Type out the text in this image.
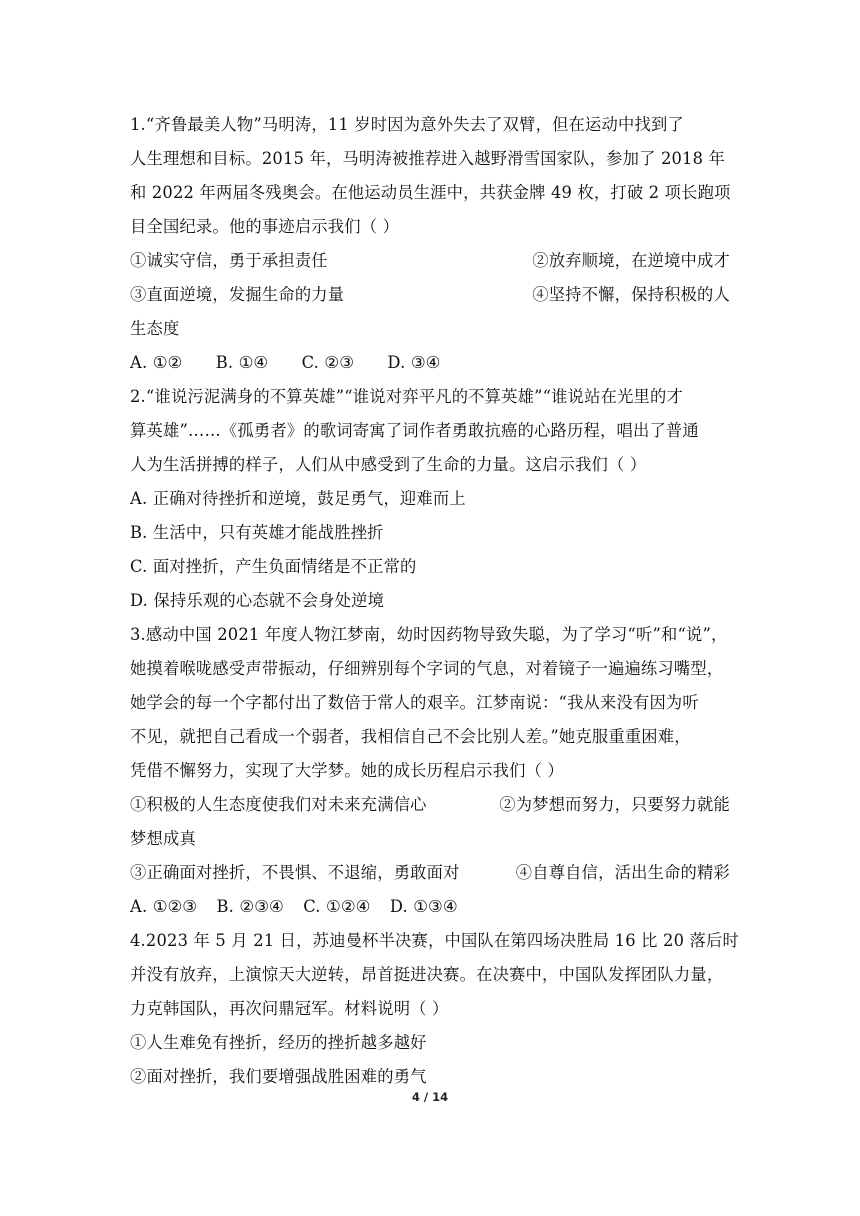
1.“齐鲁最美人物”马明涛，11 岁时因为意外失去了双臂，但在运动中找到了
人生理想和目标。2015 年，马明涛被推荐进入越野滑雪国家队，参加了 2018 年
和 2022 年两届冬残奥会。在他运动员生涯中，共获金牌 49 枚，打破 2 项长跑项
目全国纪录。他的事迹启示我们（ ）
①诚实守信，勇于承担责任	②放弃顺境，在逆境中成才
③直面逆境，发掘生命的力量	④坚持不懈，保持积极的人
生态度
A. ①② B. ①④ C. ②③ D. ③④
2.“谁说污泥满身的不算英雄”“谁说对弈平凡的不算英雄”“谁说站在光里的才
算英雄”……《孤勇者》的歌词寄寓了词作者勇敢抗癌的心路历程，唱出了普通
人为生活拼搏的样子，人们从中感受到了生命的力量。这启示我们（ ）
A. 正确对待挫折和逆境，鼓足勇气，迎难而上
B. 生活中，只有英雄才能战胜挫折
C. 面对挫折，产生负面情绪是不正常的
D. 保持乐观的心态就不会身处逆境
3.感动中国 2021 年度人物江梦南，幼时因药物导致失聪，为了学习“听”和“说”，
她摸着喉咙感受声带振动，仔细辨别每个字词的气息，对着镜子一遍遍练习嘴型，
她学会的每一个字都付出了数倍于常人的艰辛。江梦南说：“我从来没有因为听
不见，就把自己看成一个弱者，我相信自己不会比别人差。”她克服重重困难，
凭借不懈努力，实现了大学梦。她的成长历程启示我们（ ）
①积极的人生态度使我们对未来充满信心	②为梦想而努力，只要努力就能
梦想成真
③正确面对挫折，不畏惧、不退缩，勇敢面对	④自尊自信，活出生命的精彩
A. ①②③ B. ②③④ C. ①②④ D. ①③④
4.2023 年 5 月 21 日，苏迪曼杯半决赛，中国队在第四场决胜局 16 比 20 落后时
并没有放弃，上演惊天大逆转，昂首挺进决赛。在决赛中，中国队发挥团队力量，
力克韩国队，再次问鼎冠军。材料说明（ ）
①人生难免有挫折，经历的挫折越多越好
②面对挫折，我们要增强战胜困难的勇气
4 / 14
